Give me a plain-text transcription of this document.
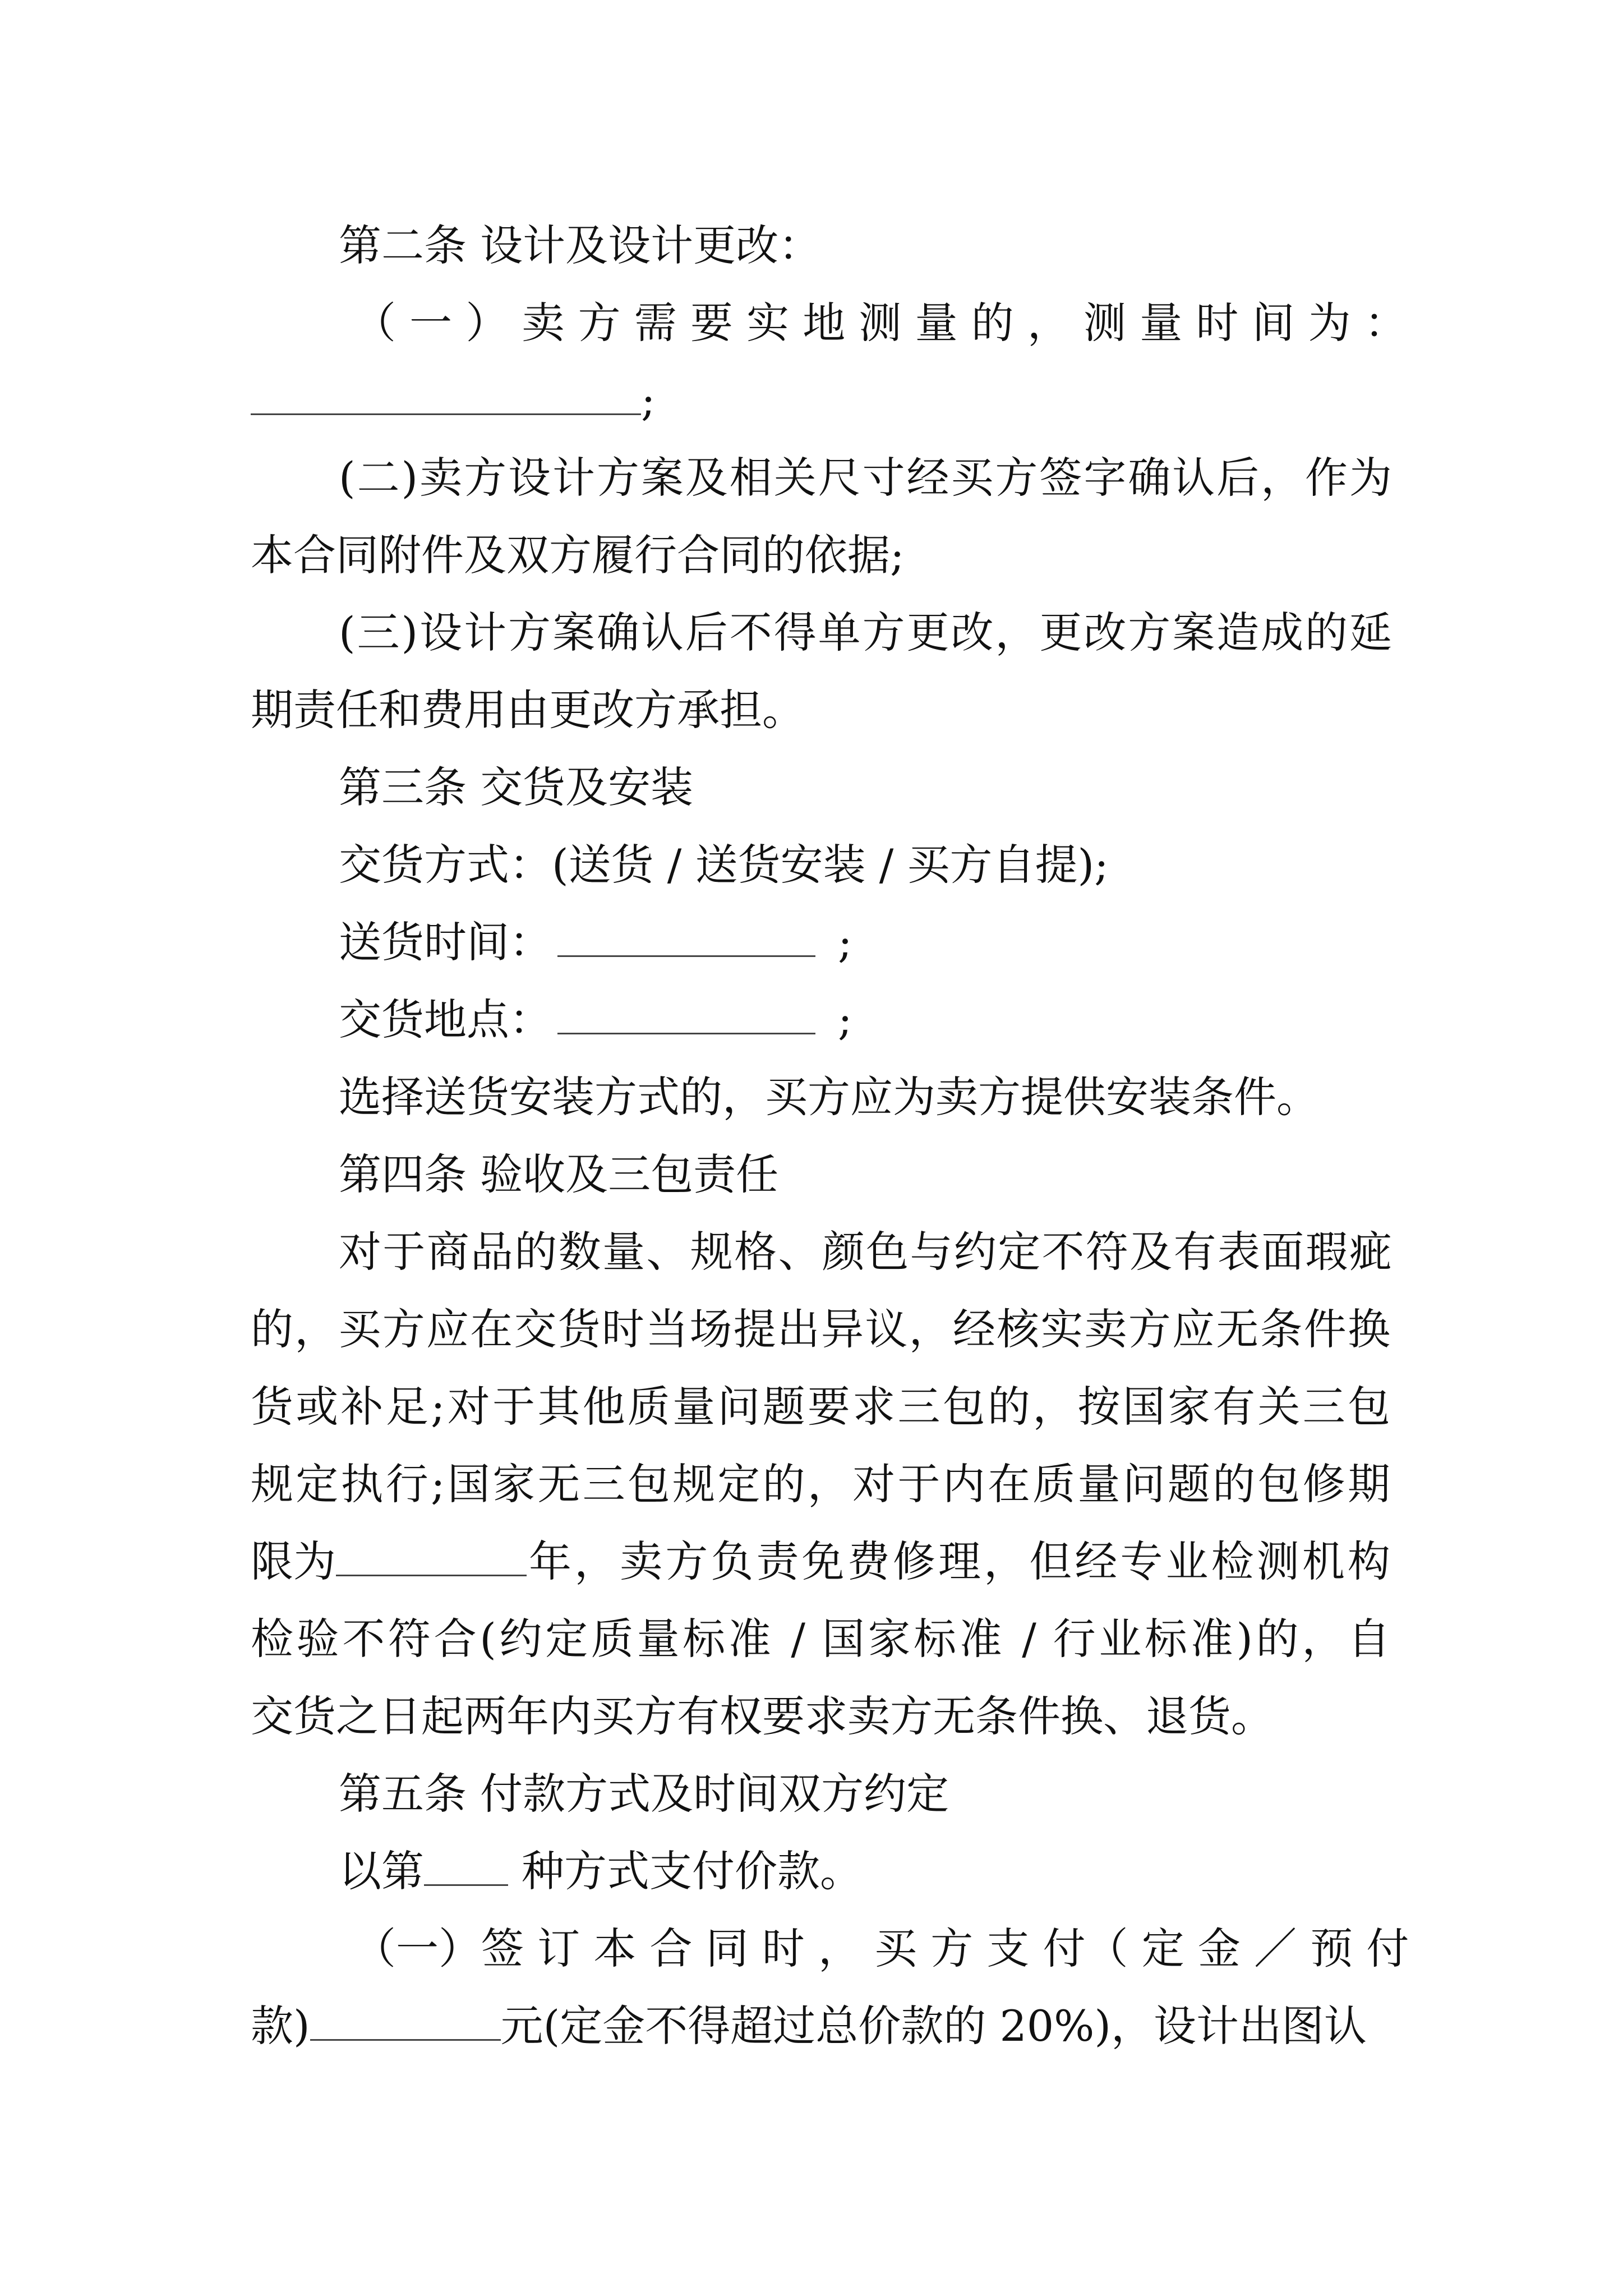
第二条 设计及设计更改：
（ 一 ） 卖 方 需 要 实 地 测 量 的 ， 测 量 时 间 为 ：
;
(二)卖方设计方案及相关尺寸经买方签字确认后，作为
本合同附件及双方履行合同的依据;
(三)设计方案确认后不得单方更改，更改方案造成的延
期责任和费用由更改方承担。
第三条 交货及安装
交货方式：(送货 / 送货安装 / 买方自提);
送货时间：	;
交货地点：	;
选择送货安装方式的，买方应为卖方提供安装条件。
第四条 验收及三包责任
对于商品的数量、规格、颜色与约定不符及有表面瑕疵
的，买方应在交货时当场提出异议，经核实卖方应无条件换
货或补足;对于其他质量问题要求三包的，按国家有关三包
规定执行;国家无三包规定的，对于内在质量问题的包修期
限为	年，卖方负责免费修理，但经专业检测机构
检验不符合(约定质量标准 / 国家标准 / 行业标准)的，自
交货之日起两年内买方有权要求卖方无条件换、退货。
第五条 付款方式及时间双方约定
以第 种方式支付价款。
（一）签 订 本 合 同 时 ， 买 方 支 付（ 定 金 ／ 预 付
款)	元(定金不得超过总价款的 20%)，设计出图认
